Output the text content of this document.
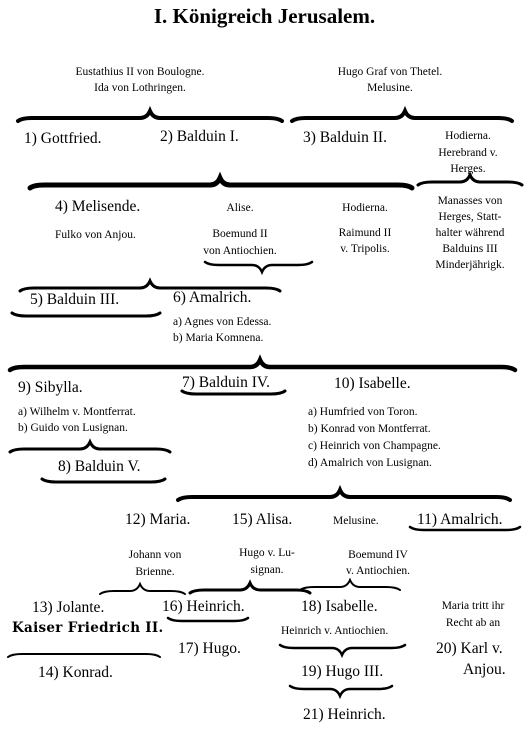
I. Königreich Jerusalem.
Eustathius II von Boulogne.
Ida von Lothringen.
Hugo Graf von Thetel.
Melusine.
1) Gottfried.	2) Balduin I.	3) Balduin II.	Hodierna.
Herebrand v.
Herges.
4) Melisende.
Fulko von Anjou.
Alise.
Boemund II
von Antiochien.
Hodierna.
Raimund II
v. Tripolis.
Manasses von
Herges, Statt-
halter während
Balduins III
Minderjährigk.
5) Balduin III.	6) Amalrich.
a) Agnes von Edessa.
b) Maria Komnena.
9) Sibylla.	7) Balduin IV.	10) Isabelle.
a) Wilhelm v. Montferrat.
b) Guido von Lusignan.
a) Humfried von Toron.
b) Konrad von Montferrat.
c) Heinrich von Champagne.
d) Amalrich von Lusignan.
8) Balduin V.
12) Maria.	15) Alisa.	Melusine. 11) Amalrich.
Johann von
Brienne.
Hugo v. Lu-
signan.
Boemund IV
v. Antiochien.
13) Jolante.
Kaiser Friedrich II.
16) Heinrich.	18) Isabelle.
Heinrich v. Antiochien.
Maria tritt ihr
Recht ab an
17) Hugo.	20) Karl v.
Anjou.
14) Konrad.	19) Hugo III.
21) Heinrich.
